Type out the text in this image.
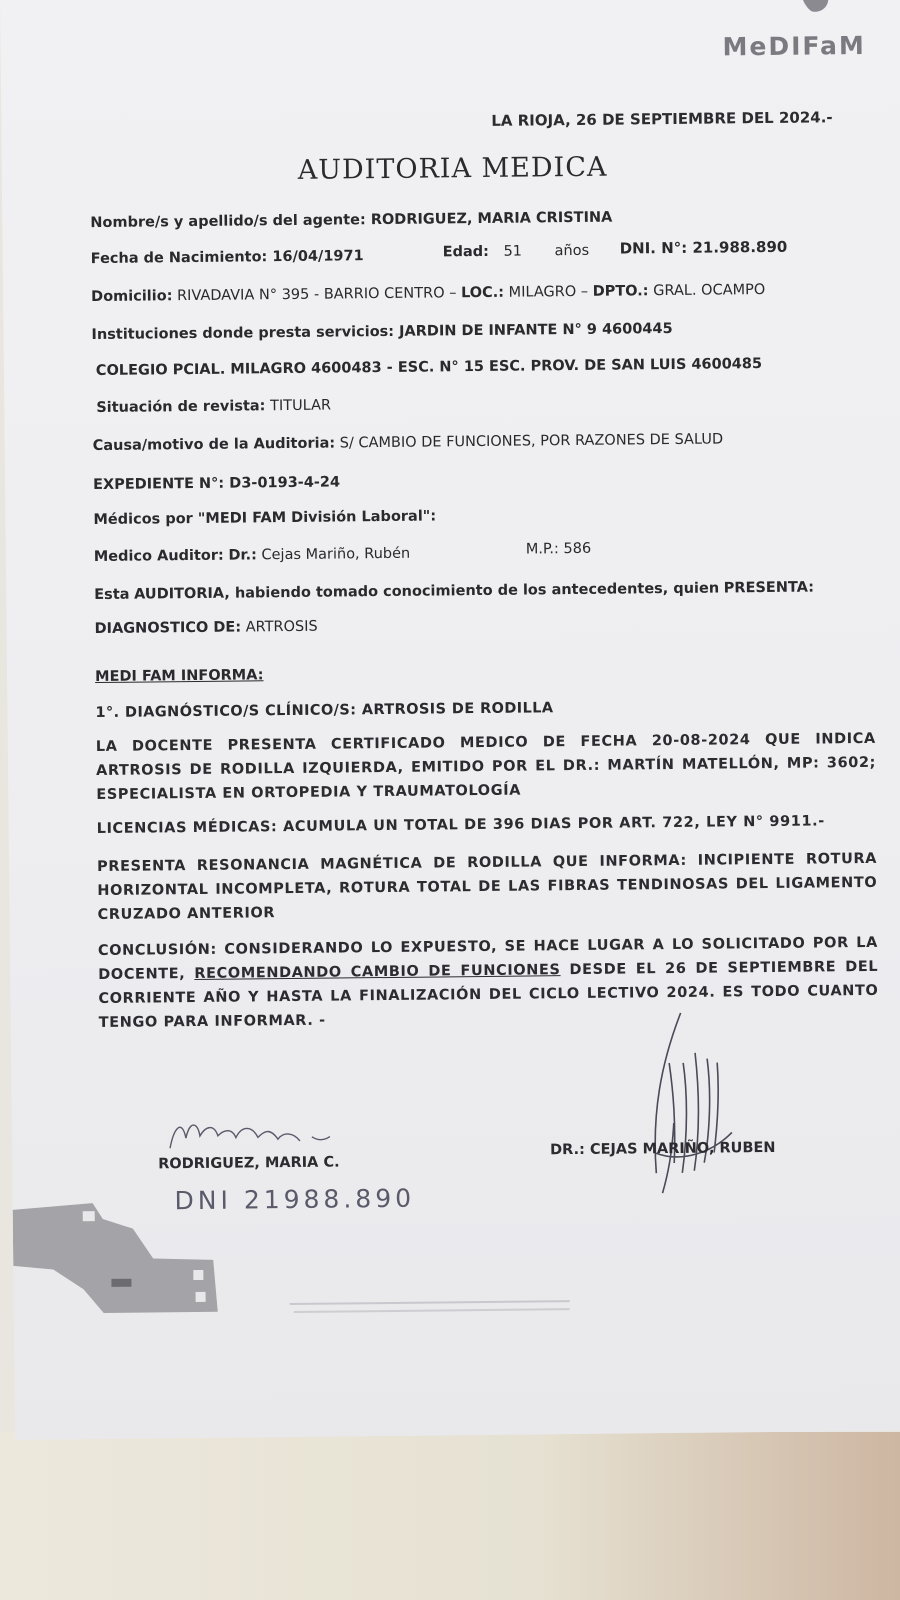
MeDIFaM
LA RIOJA, 26 DE SEPTIEMBRE DEL 2024.-
AUDITORIA MEDICA
Nombre/s y apellido/s del agente: RODRIGUEZ, MARIA CRISTINA
Fecha de Nacimiento: 16/04/1971	Edad: 51 años DNI. N°: 21.988.890
Domicilio: RIVADAVIA N° 395 - BARRIO CENTRO – LOC.: MILAGRO – DPTO.: GRAL. OCAMPO
Instituciones donde presta servicios: JARDIN DE INFANTE N° 9 4600445
COLEGIO PCIAL. MILAGRO 4600483 - ESC. N° 15 ESC. PROV. DE SAN LUIS 4600485
Situación de revista: TITULAR
Causa/motivo de la Auditoria: S/ CAMBIO DE FUNCIONES, POR RAZONES DE SALUD
EXPEDIENTE N°: D3-0193-4-24
Médicos por "MEDI FAM División Laboral":
Medico Auditor: Dr.: Cejas Mariño, Rubén	M.P.: 586
Esta AUDITORIA, habiendo tomado conocimiento de los antecedentes, quien PRESENTA:
DIAGNOSTICO DE: ARTROSIS
MEDI FAM INFORMA:
1°. DIAGNÓSTICO/S CLÍNICO/S: ARTROSIS DE RODILLA
LA DOCENTE PRESENTA CERTIFICADO MEDICO DE FECHA 20-08-2024 QUE INDICA ARTROSIS DE RODILLA IZQUIERDA, EMITIDO POR EL DR.: MARTÍN MATELLÓN, MP: 3602; ESPECIALISTA EN ORTOPEDIA Y TRAUMATOLOGÍA
LICENCIAS MÉDICAS: ACUMULA UN TOTAL DE 396 DIAS POR ART. 722, LEY N° 9911.-
PRESENTA RESONANCIA MAGNÉTICA DE RODILLA QUE INFORMA: INCIPIENTE ROTURA HORIZONTAL INCOMPLETA, ROTURA TOTAL DE LAS FIBRAS TENDINOSAS DEL LIGAMENTO CRUZADO ANTERIOR
CONCLUSIÓN: CONSIDERANDO LO EXPUESTO, SE HACE LUGAR A LO SOLICITADO POR LA DOCENTE, RECOMENDANDO CAMBIO DE FUNCIONES DESDE EL 26 DE SEPTIEMBRE DEL CORRIENTE AÑO Y HASTA LA FINALIZACIÓN DEL CICLO LECTIVO 2024. ES TODO CUANTO TENGO PARA INFORMAR. -
RODRIGUEZ, MARIA C.
DNI 21988.890
DR.: CEJAS MARIÑO, RUBEN
